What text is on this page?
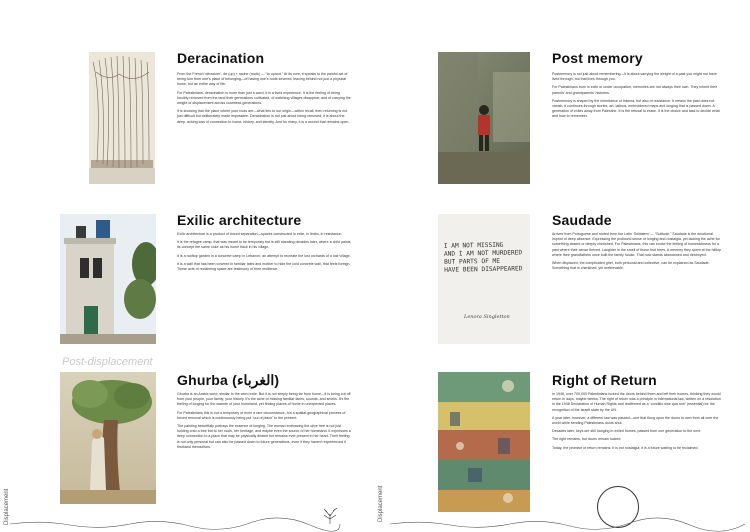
Deracination

From the French ‘déraciner’, de (up) + racine (roots) — “to uproot.” At its core, it speaks to the painful act of being torn from one’s place of belonging—of having one’s roots severed, leaving behind not just a physical home, but an entire way of life.

For Palestinians, deracination is more than just a word; it is a lived experience. It is the feeling of being forcibly removed from the land their generations cultivated, of watching villages disappear, and of carrying the weight of displacement across countless generations.

It is knowing that the place where your roots are—what ties to our origin—within recall, then returning is not just difficult but deliberately made impossible. Deracination is not just about being removed; it is about the deep, aching loss of connection to home, history, and identity. And for many, it is a wound that remains open.

Post memory

Postmemory is not just about remembering—it is about carrying the weight of a past you might not have lived through, but that lives through you.

For Palestinians born in exile or under occupation, memories are not always their own. They inherit their parents’ and grandparents’ histories.

Postmemory is shaped by the inheritance of trauma, but also of resistance. It means the past does not vanish; it continues through stories, art, tattoos, embroidered maps and longing that is passed down. A generation of exiles away from Palestine. It is the refusal to erase. It is the choice and task to decide what and how to remember.

Exilic architecture

Exilic architecture is a product of forced separation—spaces constructed in exile, in limbo, in resistance.

It is the refugee camp, that was meant to be temporary but is still standing decades later, where a child paints its concept the same color as his home back in his village.

It is a rooftop garden in a concrete camp in Lebanon, an attempt to recreate the lost orchards of a lost village.

It is a wall that has been covered in familiar tales and mother to hide the cold concrete wall, that feels foreign. These acts of reclaiming space are testimony of their resilience.

I AM NOT MISSING
AND I AM NOT MURDERED
BUT PARTS OF ME
HAVE BEEN DISAPPEARED
Lenora Singletton
Saudade

Arrives from Portuguese and rooted from the Latin ‘Solitatem’ — “Solitude.” Saudade is the emotional imprint of deep absence. Expressing the profound sense of longing and nostalgia, yet lacking the ache for something absent or deeply cherished. For Palestinians, this can evoke the feeling of homesickness for a past where their sense thrived. Laughter in the smell of those fruit trees. A memory they spent at the hilltop where their grandfathers once built the family house. That now stands abandoned and destroyed.

When displaced, the complicated grief, both personal and collective, can be explained as Saudade. Something that is cherished, yet irretrievable.

Post-displacement
Ghurba (الغرباء)

Ghurba is an Arabic word, similar to the word exile. But it is not simply being far from home—it is being cut off from your people, your family, your history. It’s the ache of missing familiar faces, sounds, and smells. It’s the feeling of longing for the warmth of your homeland, yet finding places of home in unexpected places.

For Palestinians this is not a temporary or even a rare circumstance, but a spatial-geographical process of forced removal which is continuously being put “out of place” to the present.

The painting beautifully portrays the essence of longing. The woman embracing the olive tree is not just holding onto a tree but to her roots, her heritage, and maybe even the source of her homeland. It expresses a deep connection to a place that may be physically distant but remains ever present in her heart. Their feeling is not only personal but can also be passed down to future generations, even if they haven’t experienced it firsthand themselves.

Right of Return

In 1948, over 700,000 Palestinians locked the doors behind them and left their homes, thinking they would return in days, maybe weeks. The right of return was a principle in international law, written on a resolution in the 1948 Declaration of Human Rights and reaffirmed as a “conditio sine qua non” (essential) for the recognition of the Israeli state by the UN.

A year later, however, a different law was passed—one that flung upon the doors to own from all over the world while sending Palestinians doors shut.

Decades later, keys are still hanging in exiled homes, passed from one generation to the next.

The right remains, but doors remain locked.

Today, the promise of return remains. It is not nostalgia; it is a future waiting to be reclaimed.

Displacement	Displacement
